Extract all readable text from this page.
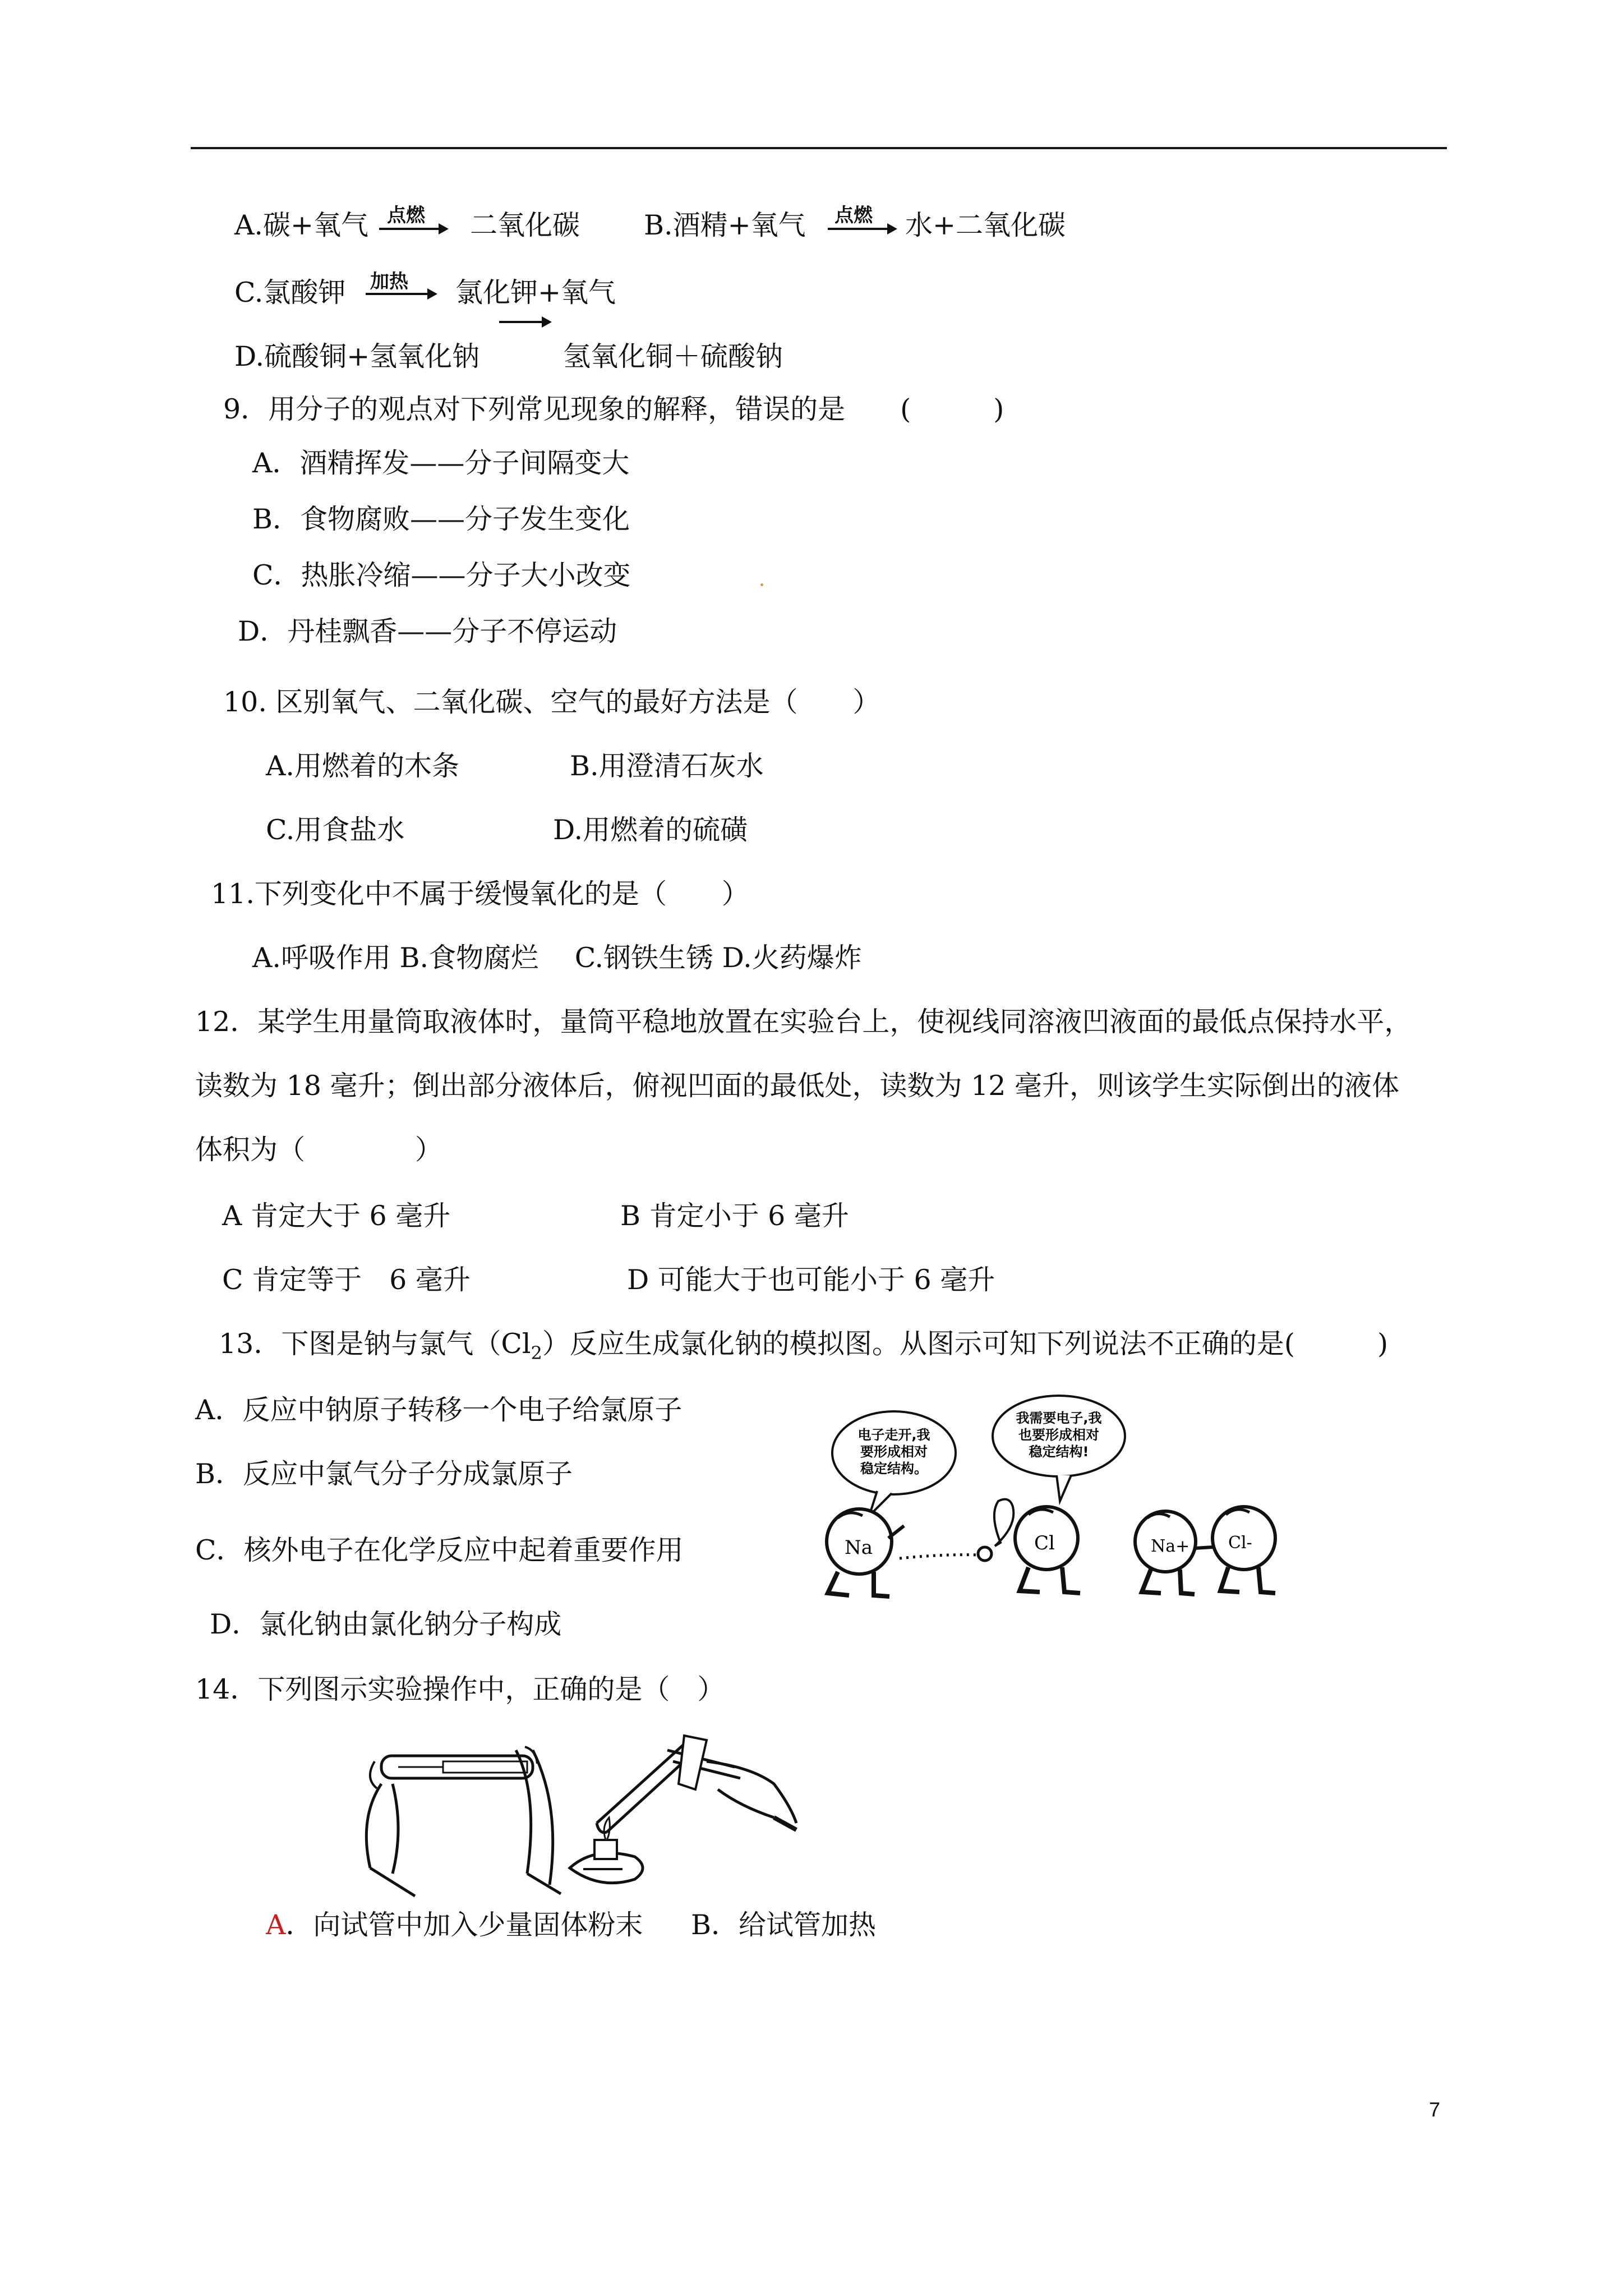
A.碳+氧气 点燃 二氧化碳 B.酒精+氧气 点燃 水+二氧化碳
C.氯酸钾 加热 氯化钾+氧气
D.硫酸铜+氢氧化钠	氢氧化铜＋硫酸钠
9．用分子的观点对下列常见现象的解释，错误的是　　(　　　)
A．酒精挥发——分子间隔变大
B．食物腐败——分子发生变化
C．热胀冷缩——分子大小改变
D．丹桂飘香——分子不停运动
10. 区别氧气、二氧化碳、空气的最好方法是（　　）
A.用燃着的木条	B.用澄清石灰水
C.用食盐水	D.用燃着的硫磺
11.下列变化中不属于缓慢氧化的是（　　）
A.呼吸作用 B.食物腐烂　 C.钢铁生锈 D.火药爆炸
12．某学生用量筒取液体时，量筒平稳地放置在实验台上，使视线同溶液凹液面的最低点保持水平，
读数为 18 毫升；倒出部分液体后，俯视凹面的最低处，读数为 12 毫升，则该学生实际倒出的液体
体积为（　　　　）
A 肯定大于 6 毫升	B 肯定小于 6 毫升
C 肯定等于　6 毫升	D 可能大于也可能小于 6 毫升
13．下图是钠与氯气$(Cl_2)$反应生成氯化钠的模拟图。从图示可知下列说法不正确的是(　　　)
A．反应中钠原子转移一个电子给氯原子
B．反应中氯气分子分成氯原子
C．核外电子在化学反应中起着重要作用
D．氯化钠由氯化钠分子构成
电子走开,我
要形成相对
稳定结构。
我需要电子,我
也要形成相对
稳定结构!
Na	Cl	Na+ Cl-
14．下列图示实验操作中，正确的是（　）
A．向试管中加入少量固体粉末 B．给试管加热
7
